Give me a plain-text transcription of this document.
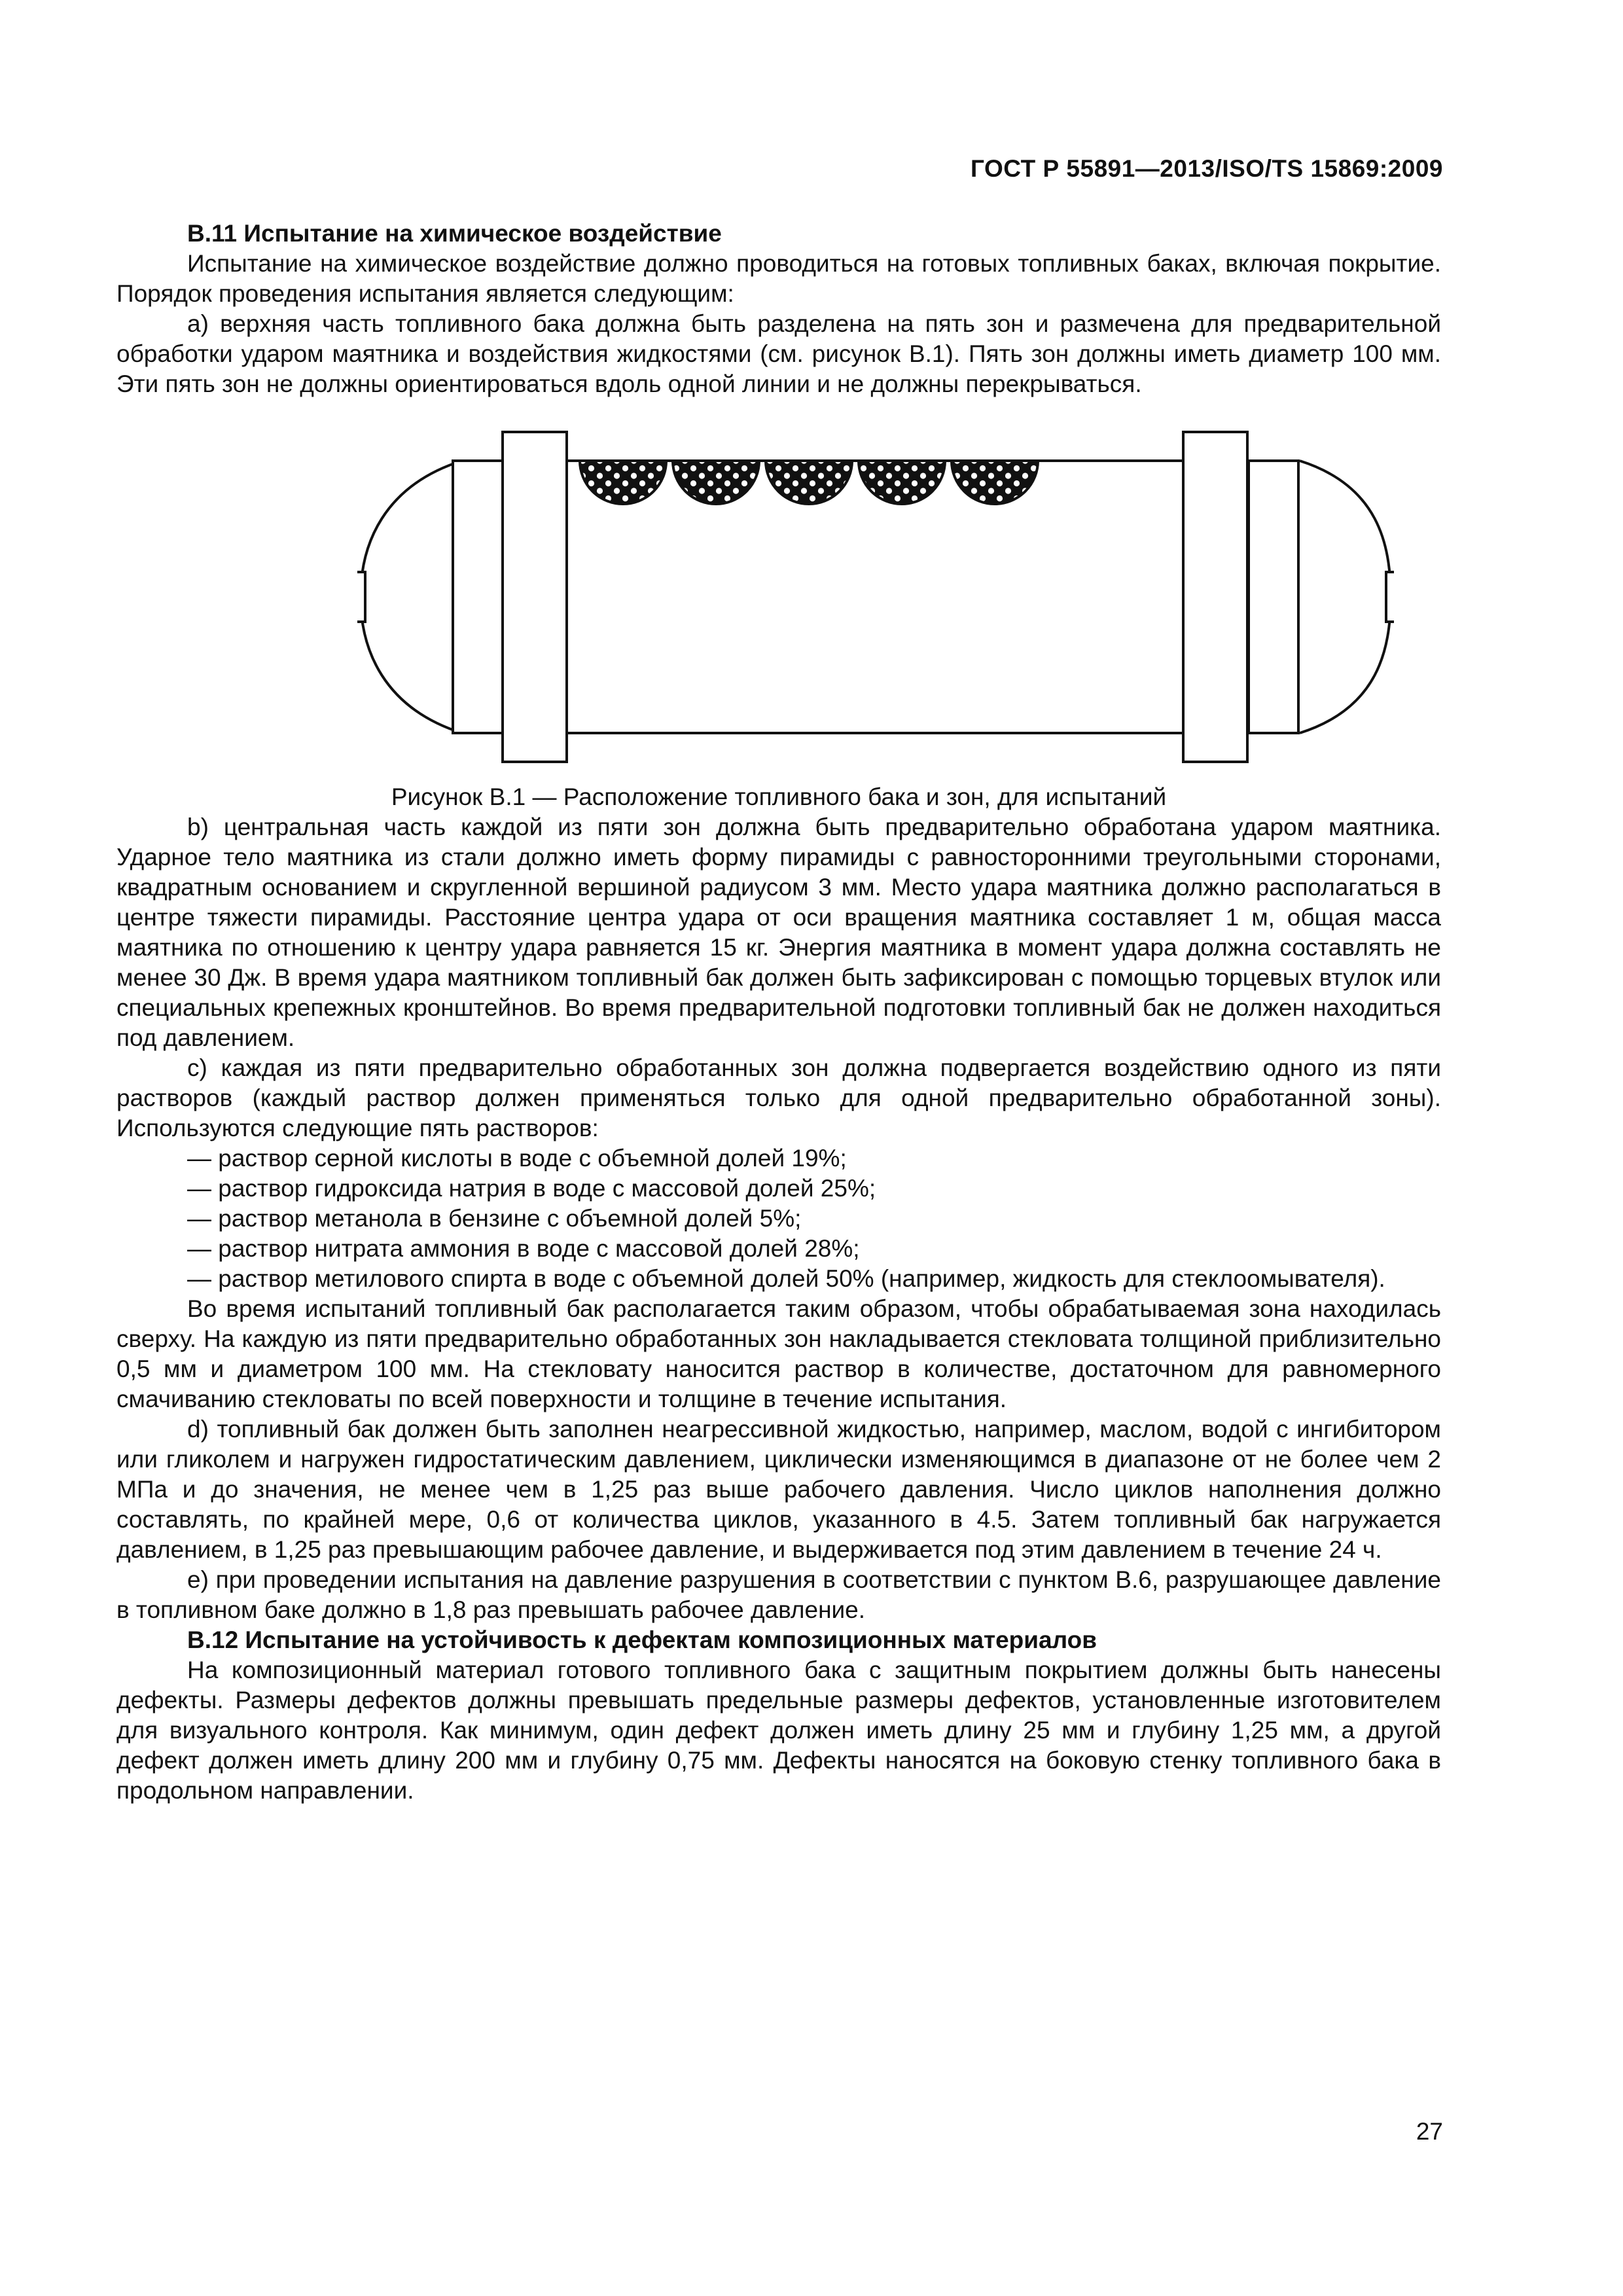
ГОСТ Р 55891—2013/ISO/TS 15869:2009

B.11 Испытание на химическое воздействие

Испытание на химическое воздействие должно проводиться на готовых топливных баках, включая покрытие. Порядок проведения испытания является следующим:

a) верхняя часть топливного бака должна быть разделена на пять зон и размечена для предварительной обработки ударом маятника и воздействия жидкостями (см. рисунок B.1). Пять зон должны иметь диаметр 100 мм. Эти пять зон не должны ориентироваться вдоль одной линии и не должны перекрываться.

Рисунок B.1 — Расположение топливного бака и зон, для испытаний

b) центральная часть каждой из пяти зон должна быть предварительно обработана ударом маятника. Ударное тело маятника из стали должно иметь форму пирамиды с равносторонними треугольными сторонами, квадратным основанием и скругленной вершиной радиусом 3 мм. Место удара маятника должно располагаться в центре тяжести пирамиды. Расстояние центра удара от оси вращения маятника составляет 1 м, общая масса маятника по отношению к центру удара равняется 15 кг. Энергия маятника в момент удара должна составлять не менее 30 Дж. В время удара маятником топливный бак должен быть зафиксирован с помощью торцевых втулок или специальных крепежных кронштейнов. Во время предварительной подготовки топливный бак не должен находиться под давлением.

c) каждая из пяти предварительно обработанных зон должна подвергается воздействию одного из пяти растворов (каждый раствор должен применяться только для одной предварительно обработанной зоны). Используются следующие пять растворов:

— раствор серной кислоты в воде с объемной долей 19%;

— раствор гидроксида натрия в воде с массовой долей 25%;

— раствор метанола в бензине с объемной долей 5%;

— раствор нитрата аммония в воде с массовой долей 28%;

— раствор метилового спирта в воде с объемной долей 50% (например, жидкость для стеклоомывателя).

Во время испытаний топливный бак располагается таким образом, чтобы обрабатываемая зона находилась сверху. На каждую из пяти предварительно обработанных зон накладывается стекловата толщиной приблизительно 0,5 мм и диаметром 100 мм. На стекловату наносится раствор в количестве, достаточном для равномерного смачиванию стекловаты по всей поверхности и толщине в течение испытания.

d) топливный бак должен быть заполнен неагрессивной жидкостью, например, маслом, водой с ингибитором или гликолем и нагружен гидростатическим давлением, циклически изменяющимся в диапазоне от не более чем 2 МПа и до значения, не менее чем в 1,25 раз выше рабочего давления. Число циклов наполнения должно составлять, по крайней мере, 0,6 от количества циклов, указанного в 4.5. Затем топливный бак нагружается давлением, в 1,25 раз превышающим рабочее давление, и выдерживается под этим давлением в течение 24 ч.

e) при проведении испытания на давление разрушения в соответствии с пунктом B.6, разрушающее давление в топливном баке должно в 1,8 раз превышать рабочее давление.

B.12 Испытание на устойчивость к дефектам композиционных материалов

На композиционный материал готового топливного бака с защитным покрытием должны быть нанесены дефекты. Размеры дефектов должны превышать предельные размеры дефектов, установленные изготовителем для визуального контроля. Как минимум, один дефект должен иметь длину 25 мм и глубину 1,25 мм, а другой дефект должен иметь длину 200 мм и глубину 0,75 мм. Дефекты наносятся на боковую стенку топливного бака в продольном направлении.

27
